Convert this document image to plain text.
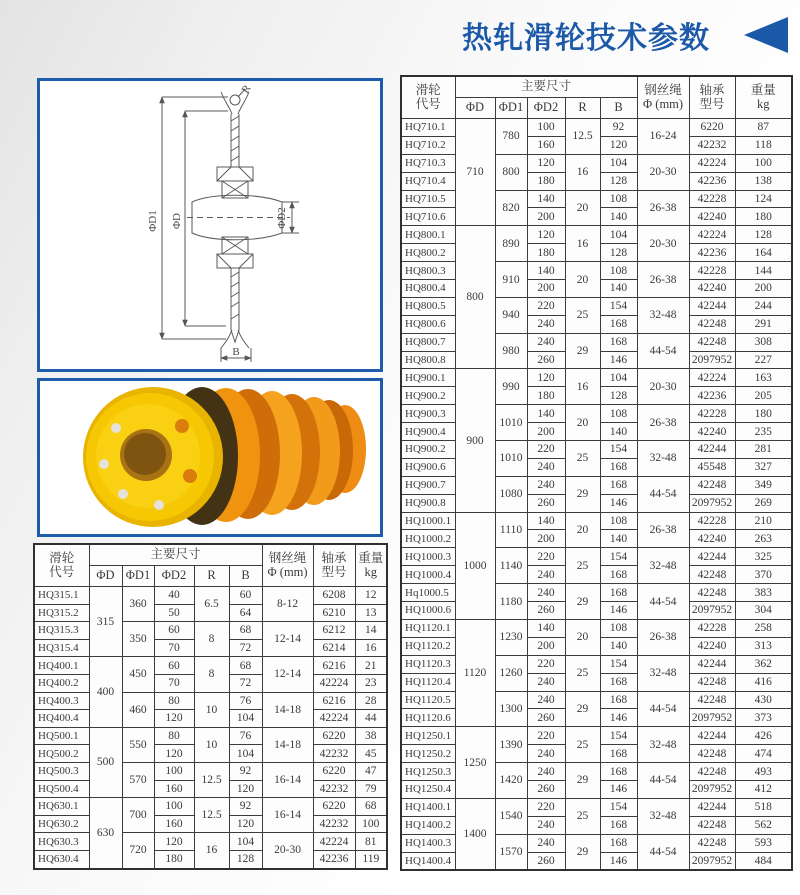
热轧滑轮技术参数
ΦD1 ΦD	ΦD2
R
B
滑轮
代号	主要尺寸					钢丝绳
Φ (mm)	轴承
型号	重量
kg

	ΦD	ΦD1	ΦD2	R	B			
HQ315.1	315	360	40	6.5	60	8-12	6208	12
HQ315.2			50		64		6210	13
HQ315.3		350	60	8	68	12-14	6212	14
HQ315.4			70		72		6214	16
HQ400.1	400	450	60	8	68	12-14	6216	21
HQ400.2			70		72		42224	23
HQ400.3		460	80	10	76	14-18	6216	28
HQ400.4			120		104		42224	44
HQ500.1	500	550	80	10	76	14-18	6220	38
HQ500.2			120		104		42232	45
HQ500.3		570	100	12.5	92	16-14	6220	47
HQ500.4			160		120		42232	79
HQ630.1	630	700	100	12.5	92	16-14	6220	68
HQ630.2			160		120		42232	100
HQ630.3		720	120	16	104	20-30	42224	81
HQ630.4			180		128		42236	119
滑轮
代号	主要尺寸					钢丝绳
Φ (mm)	轴承
型号	重量
kg

	ΦD	ΦD1	ΦD2	R	B			
HQ710.1	710	780	100	12.5	92	16-24	6220	87
HQ710.2			160		120		42232	118
HQ710.3		800	120	16	104	20-30	42224	100
HQ710.4			180		128		42236	138
HQ710.5		820	140	20	108	26-38	42228	124
HQ710.6			200		140		42240	180
HQ800.1	800	890	120	16	104	20-30	42224	128
HQ800.2			180		128		42236	164
HQ800.3		910	140	20	108	26-38	42228	144
HQ800.4			200		140		42240	200
HQ800.5		940	220	25	154	32-48	42244	244
HQ800.6			240		168		42248	291
HQ800.7		980	240	29	168	44-54	42248	308
HQ800.8			260		146		2097952	227
HQ900.1	900	990	120	16	104	20-30	42224	163
HQ900.2			180		128		42236	205
HQ900.3		1010	140	20	108	26-38	42228	180
HQ900.4			200		140		42240	235
HQ900.2		1010	220	25	154	32-48	42244	281
HQ900.6			240		168		45548	327
HQ900.7		1080	240	29	168	44-54	42248	349
HQ900.8			260		146		2097952	269
HQ1000.1	1000	1110	140	20	108	26-38	42228	210
HQ1000.2			200		140		42240	263
HQ1000.3		1140	220	25	154	32-48	42244	325
HQ1000.4			240		168		42248	370
Hq1000.5		1180	240	29	168	44-54	42248	383
HQ1000.6			260		146		2097952	304
HQ1120.1	1120	1230	140	20	108	26-38	42228	258
HQ1120.2			200		140		42240	313
HQ1120.3		1260	220	25	154	32-48	42244	362
HQ1120.4			240		168		42248	416
HQ1120.5		1300	240	29	168	44-54	42248	430
HQ1120.6			260		146		2097952	373
HQ1250.1	1250	1390	220	25	154	32-48	42244	426
HQ1250.2			240		168		42248	474
HQ1250.3		1420	240	29	168	44-54	42248	493
HQ1250.4			260		146		2097952	412
HQ1400.1	1400	1540	220	25	154	32-48	42244	518
HQ1400.2			240		168		42248	562
HQ1400.3		1570	240	29	168	44-54	42248	593
HQ1400.4			260		146		2097952	484
